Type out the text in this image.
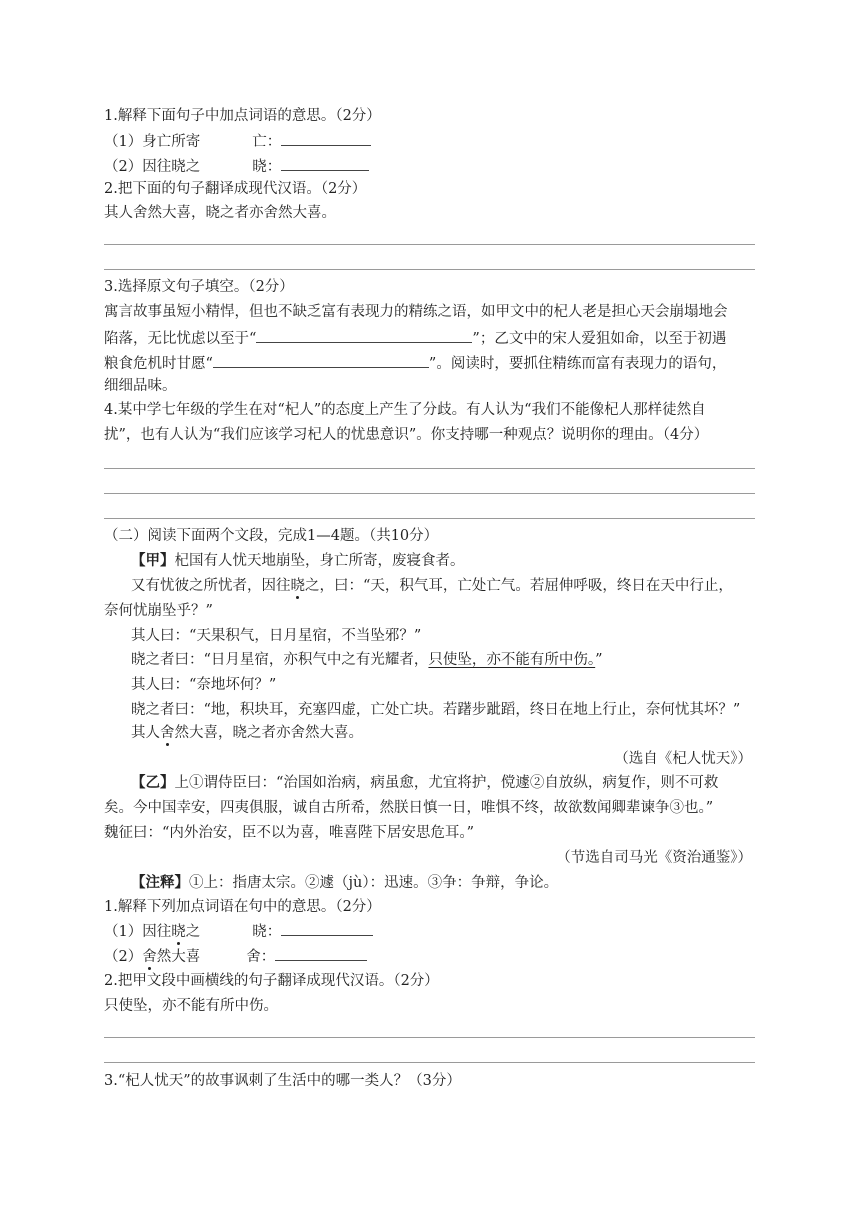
1.解释下面句子中加点词语的意思。（2分）
（1）身亡所寄	亡：
（2）因往晓之	晓：
2.把下面的句子翻译成现代汉语。（2分）
其人舍然大喜，晓之者亦舍然大喜。
3.选择原文句子填空。（2分）
寓言故事虽短小精悍，但也不缺乏富有表现力的精练之语，如甲文中的杞人老是担心天会崩塌地会
陷落，无比忧虑以至于“	”；乙文中的宋人爱狙如命，以至于初遇
粮食危机时甘愿“	”。阅读时，要抓住精练而富有表现力的语句，
细细品味。
4.某中学七年级的学生在对“杞人”的态度上产生了分歧。有人认为“我们不能像杞人那样徒然自
扰”，也有人认为“我们应该学习杞人的忧患意识”。你支持哪一种观点？说明你的理由。（4分）
（二）阅读下面两个文段，完成1—4题。（共10分）
【甲】杞国有人忧天地崩坠，身亡所寄，废寝食者。
又有忧彼之所忧者，因往晓之，曰：“天，积气耳，亡处亡气。若屈伸呼吸，终日在天中行止，
奈何忧崩坠乎？”
其人曰：“天果积气，日月星宿，不当坠邪？”
晓之者曰：“日月星宿，亦积气中之有光耀者，只使坠，亦不能有所中伤。”
其人曰：“奈地坏何？”
晓之者曰：“地，积块耳，充塞四虚，亡处亡块。若躇步跐蹈，终日在地上行止，奈何忧其坏？”
其人舍然大喜，晓之者亦舍然大喜。
（选自《杞人忧天》）
【乙】上①谓侍臣曰：“治国如治病，病虽愈，尤宜将护，傥遽②自放纵，病复作，则不可救
矣。今中国幸安，四夷俱服，诚自古所希，然朕日慎一日，唯惧不终，故欲数闻卿辈谏争③也。”
魏征曰：“内外治安，臣不以为喜，唯喜陛下居安思危耳。”
（节选自司马光《资治通鉴》）
【注释】①上：指唐太宗。②遽（jù）：迅速。③争：争辩，争论。
1.解释下列加点词语在句中的意思。（2分）
（1）因往晓之	晓：
（2）舍然大喜	舍：
2.把甲文段中画横线的句子翻译成现代汉语。（2分）
只使坠，亦不能有所中伤。
3.“杞人忧天”的故事讽刺了生活中的哪一类人？（3分）
